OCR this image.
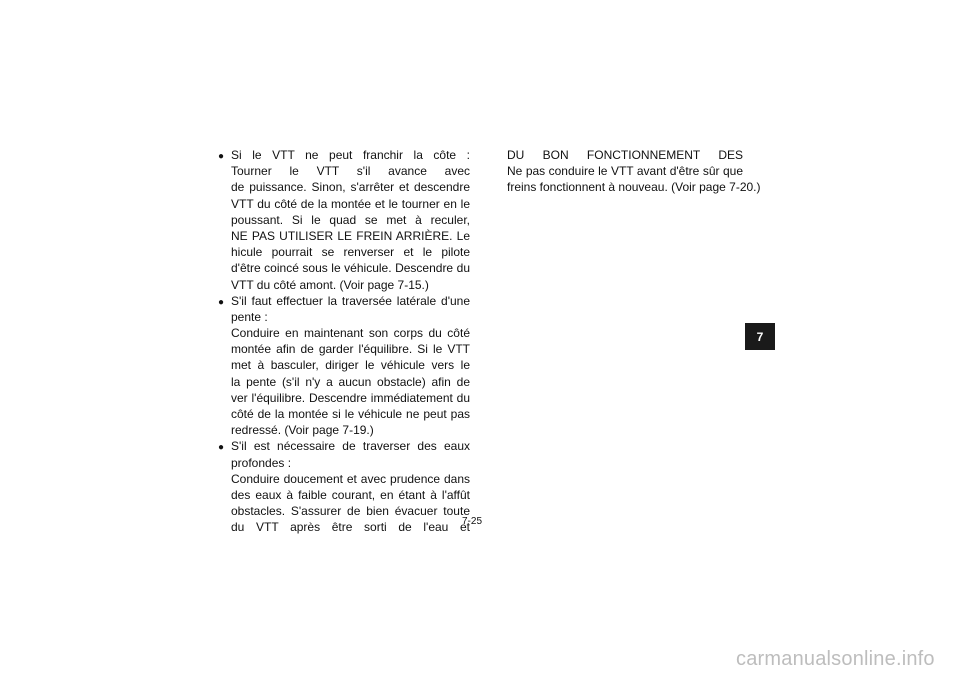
● Si le VTT ne peut franchir la côte :
Tourner le VTT s'il avance avec
de puissance. Sinon, s'arrêter et descendre
VTT du côté de la montée et le tourner en le
poussant. Si le quad se met à reculer,
NE PAS UTILISER LE FREIN ARRIÈRE. Le
hicule pourrait se renverser et le pilote
d'être coincé sous le véhicule. Descendre du
VTT du côté amont. (Voir page 7-15.)
● S'il faut effectuer la traversée latérale d'une
pente :
Conduire en maintenant son corps du côté
montée afin de garder l'équilibre. Si le VTT
met à basculer, diriger le véhicule vers le
la pente (s'il n'y a aucun obstacle) afin de
ver l'équilibre. Descendre immédiatement du
côté de la montée si le véhicule ne peut pas
redressé. (Voir page 7-19.)
● S'il est nécessaire de traverser des eaux
profondes :
Conduire doucement et avec prudence dans
des eaux à faible courant, en étant à l'affût
obstacles. S'assurer de bien évacuer toute
du VTT après être sorti de l'eau et
DU BON FONCTIONNEMENT DES
Ne pas conduire le VTT avant d'être sûr que
freins fonctionnent à nouveau. (Voir page 7-20.)
7
7-25
carmanualsonline.info
